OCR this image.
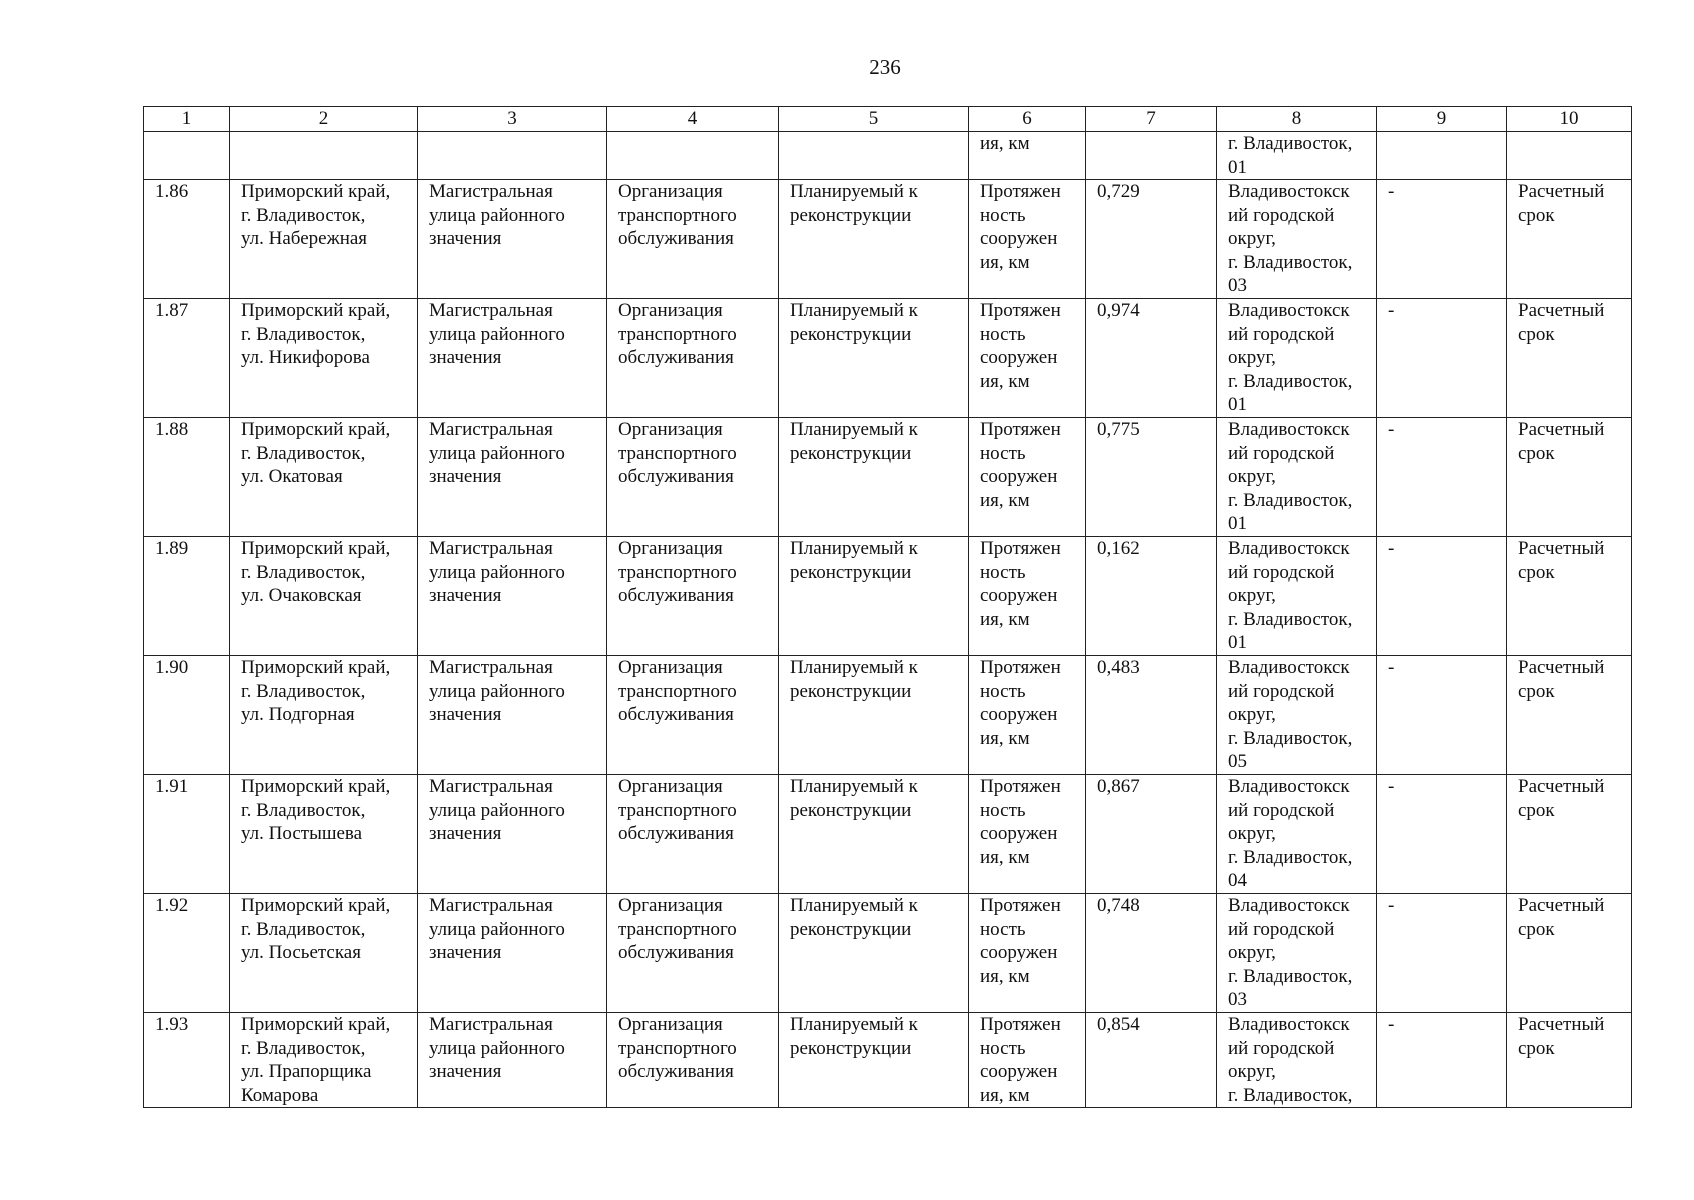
236
1	2	3	4	5	6	7	8	9	10
					ия, км		г. Владивосток,
01		
1.86	Приморский край,
г. Владивосток,
ул. Набережная	Магистральная
улица районного
значения	Организация
транспортного
обслуживания	Планируемый к
реконструкции	Протяжен
ность
сооружен
ия, км	0,729	Владивостокск
ий городской
округ,
г. Владивосток,
03	-	Расчетный
срок
1.87	Приморский край,
г. Владивосток,
ул. Никифорова	Магистральная
улица районного
значения	Организация
транспортного
обслуживания	Планируемый к
реконструкции	Протяжен
ность
сооружен
ия, км	0,974	Владивостокск
ий городской
округ,
г. Владивосток,
01	-	Расчетный
срок
1.88	Приморский край,
г. Владивосток,
ул. Окатовая	Магистральная
улица районного
значения	Организация
транспортного
обслуживания	Планируемый к
реконструкции	Протяжен
ность
сооружен
ия, км	0,775	Владивостокск
ий городской
округ,
г. Владивосток,
01	-	Расчетный
срок
1.89	Приморский край,
г. Владивосток,
ул. Очаковская	Магистральная
улица районного
значения	Организация
транспортного
обслуживания	Планируемый к
реконструкции	Протяжен
ность
сооружен
ия, км	0,162	Владивостокск
ий городской
округ,
г. Владивосток,
01	-	Расчетный
срок
1.90	Приморский край,
г. Владивосток,
ул. Подгорная	Магистральная
улица районного
значения	Организация
транспортного
обслуживания	Планируемый к
реконструкции	Протяжен
ность
сооружен
ия, км	0,483	Владивостокск
ий городской
округ,
г. Владивосток,
05	-	Расчетный
срок
1.91	Приморский край,
г. Владивосток,
ул. Постышева	Магистральная
улица районного
значения	Организация
транспортного
обслуживания	Планируемый к
реконструкции	Протяжен
ность
сооружен
ия, км	0,867	Владивостокск
ий городской
округ,
г. Владивосток,
04	-	Расчетный
срок
1.92	Приморский край,
г. Владивосток,
ул. Посьетская	Магистральная
улица районного
значения	Организация
транспортного
обслуживания	Планируемый к
реконструкции	Протяжен
ность
сооружен
ия, км	0,748	Владивостокск
ий городской
округ,
г. Владивосток,
03	-	Расчетный
срок
1.93	Приморский край,
г. Владивосток,
ул. Прапорщика
Комарова	Магистральная
улица районного
значения	Организация
транспортного
обслуживания	Планируемый к
реконструкции	Протяжен
ность
сооружен
ия, км	0,854	Владивостокск
ий городской
округ,
г. Владивосток,	-	Расчетный
срок
